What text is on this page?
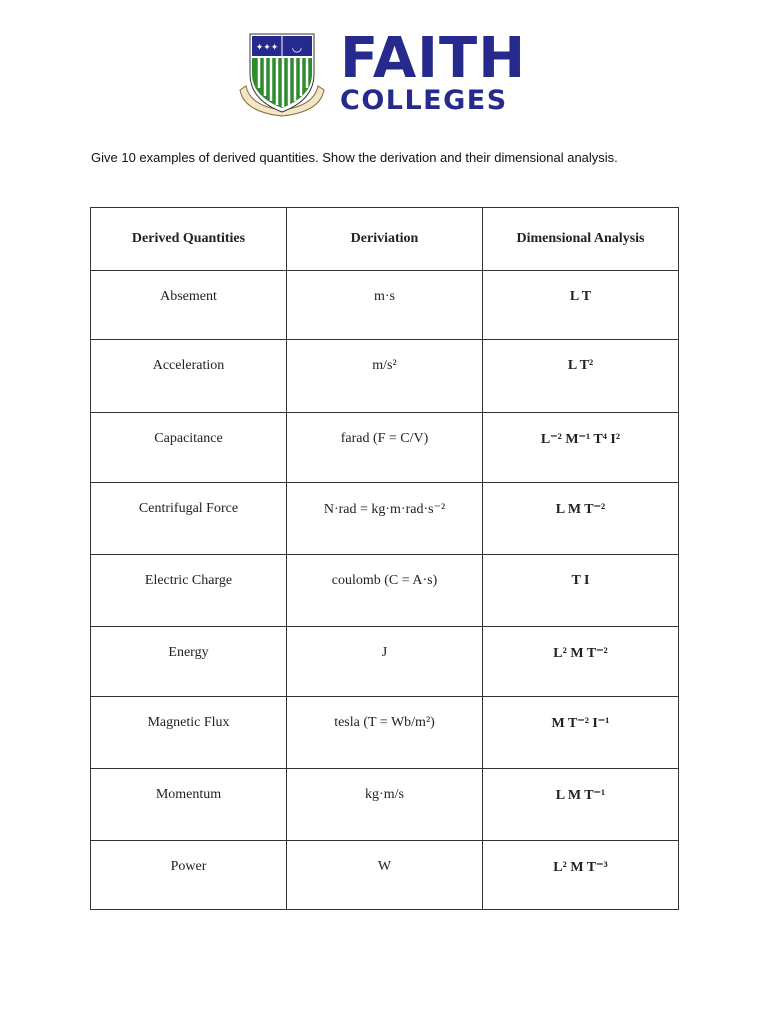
✦✦✦ ◡ FAITH
COLLEGES
Give 10 examples of derived quantities. Show the derivation and their dimensional analysis.
Derived Quantities	Deriviation	Dimensional Analysis
Absement	m·s	L T
Acceleration	m/s²	L T²
Capacitance	farad (F = C/V)	L⁻² M⁻¹ T⁴ I²
Centrifugal Force	N·rad = kg·m·rad·s⁻²	L M T⁻²
Electric Charge	coulomb (C = A·s)	T I
Energy	J	L² M T⁻²
Magnetic Flux	tesla (T = Wb/m²)	M T⁻² I⁻¹
Momentum	kg·m/s	L M T⁻¹
Power	W	L² M T⁻³
